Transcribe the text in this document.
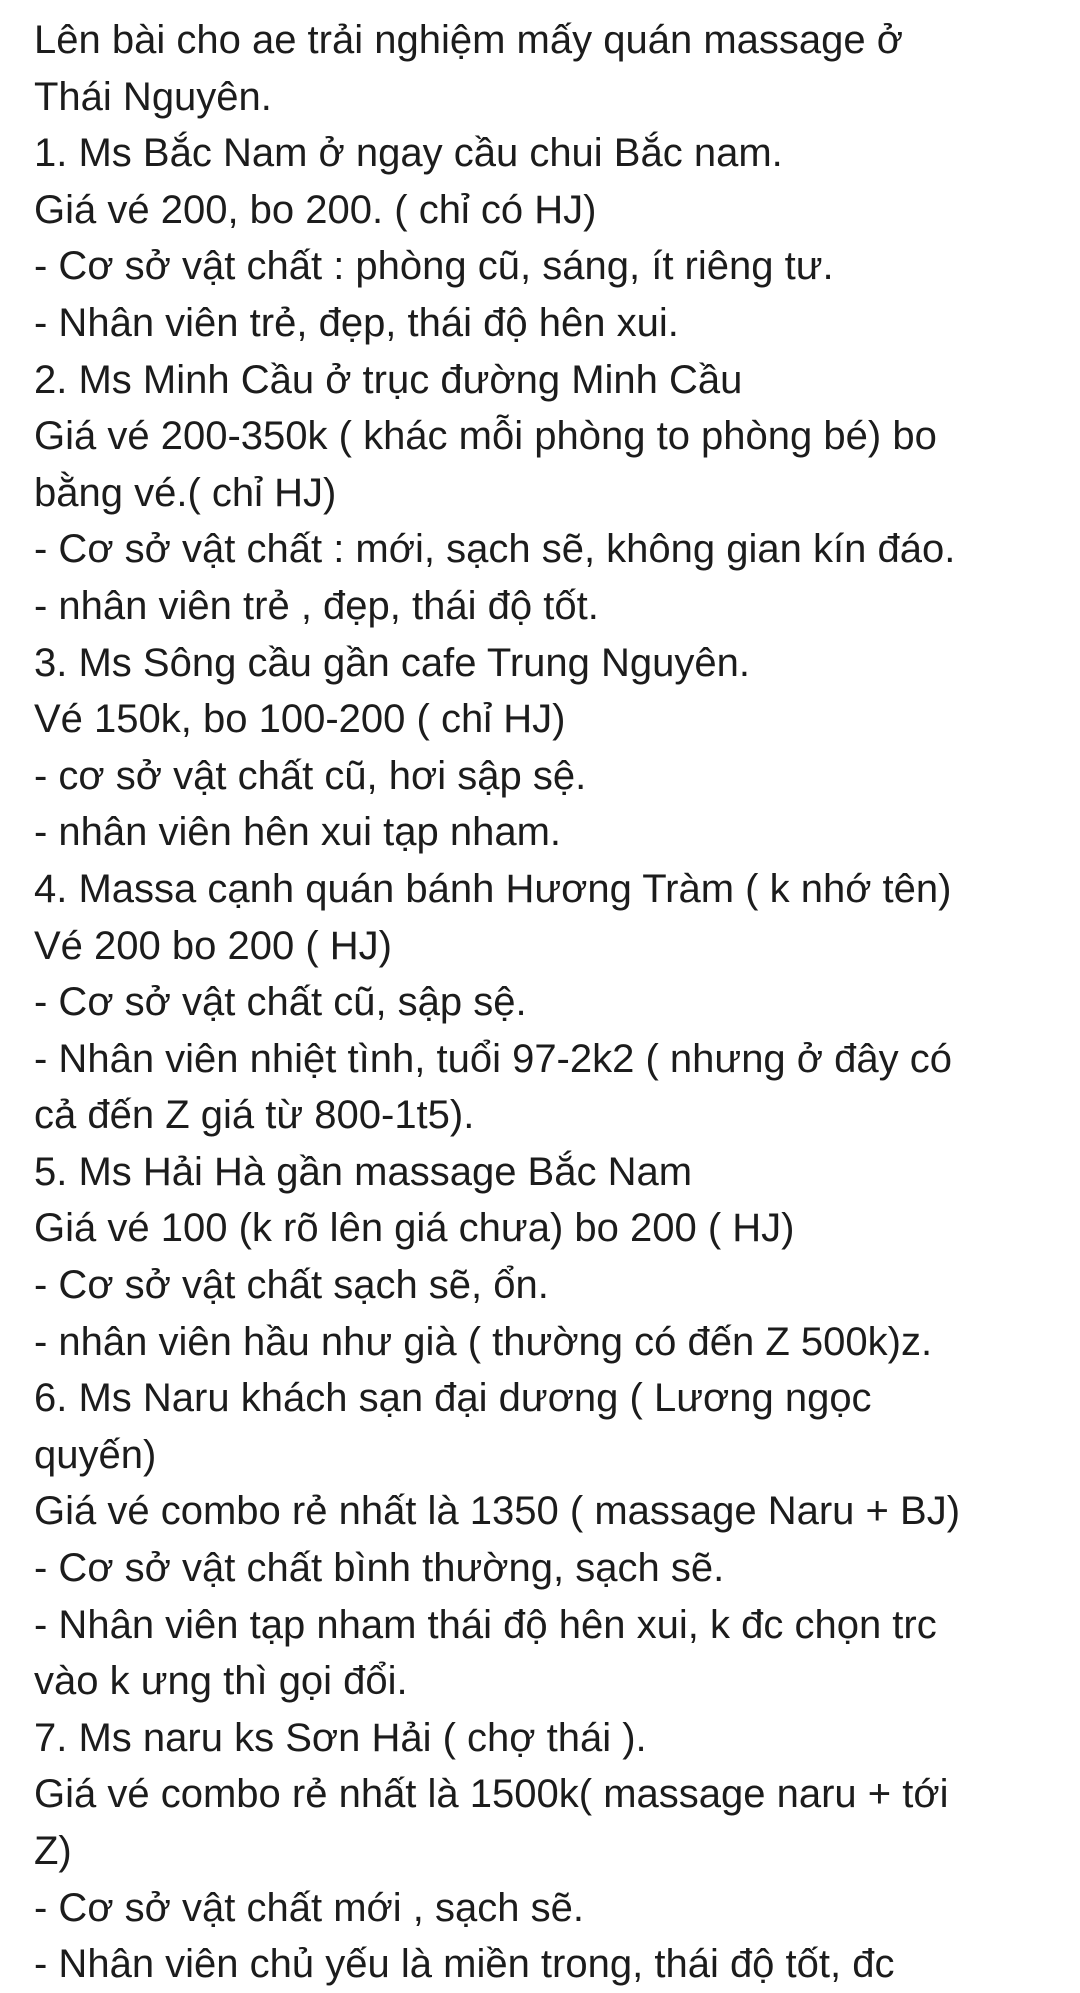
Lên bài cho ae trải nghiệm mấy quán massage ở
Thái Nguyên.
1. Ms Bắc Nam ở ngay cầu chui Bắc nam.
Giá vé 200, bo 200. ( chỉ có HJ)
- Cơ sở vật chất : phòng cũ, sáng, ít riêng tư.
- Nhân viên trẻ, đẹp, thái độ hên xui.
2. Ms Minh Cầu ở trục đường Minh Cầu
Giá vé 200-350k ( khác mỗi phòng to phòng bé) bo
bằng vé.( chỉ HJ)
- Cơ sở vật chất : mới, sạch sẽ, không gian kín đáo.
- nhân viên trẻ , đẹp, thái độ tốt.
3. Ms Sông cầu gần cafe Trung Nguyên.
Vé 150k, bo 100-200 ( chỉ HJ)
- cơ sở vật chất cũ, hơi sập sệ.
- nhân viên hên xui tạp nham.
4. Massa cạnh quán bánh Hương Tràm ( k nhớ tên)
Vé 200 bo 200 ( HJ)
- Cơ sở vật chất cũ, sập sệ.
- Nhân viên nhiệt tình, tuổi 97-2k2 ( nhưng ở đây có
cả đến Z giá từ 800-1t5).
5. Ms Hải Hà gần massage Bắc Nam
Giá vé 100 (k rõ lên giá chưa) bo 200 ( HJ)
- Cơ sở vật chất sạch sẽ, ổn.
- nhân viên hầu như già ( thường có đến Z 500k)z.
6. Ms Naru khách sạn đại dương ( Lương ngọc
quyến)
Giá vé combo rẻ nhất là 1350 ( massage Naru + BJ)
- Cơ sở vật chất bình thường, sạch sẽ.
- Nhân viên tạp nham thái độ hên xui, k đc chọn trc
vào k ưng thì gọi đổi.
7. Ms naru ks Sơn Hải ( chợ thái ).
Giá vé combo rẻ nhất là 1500k( massage naru + tới
Z)
- Cơ sở vật chất mới , sạch sẽ.
- Nhân viên chủ yếu là miền trong, thái độ tốt, đc
